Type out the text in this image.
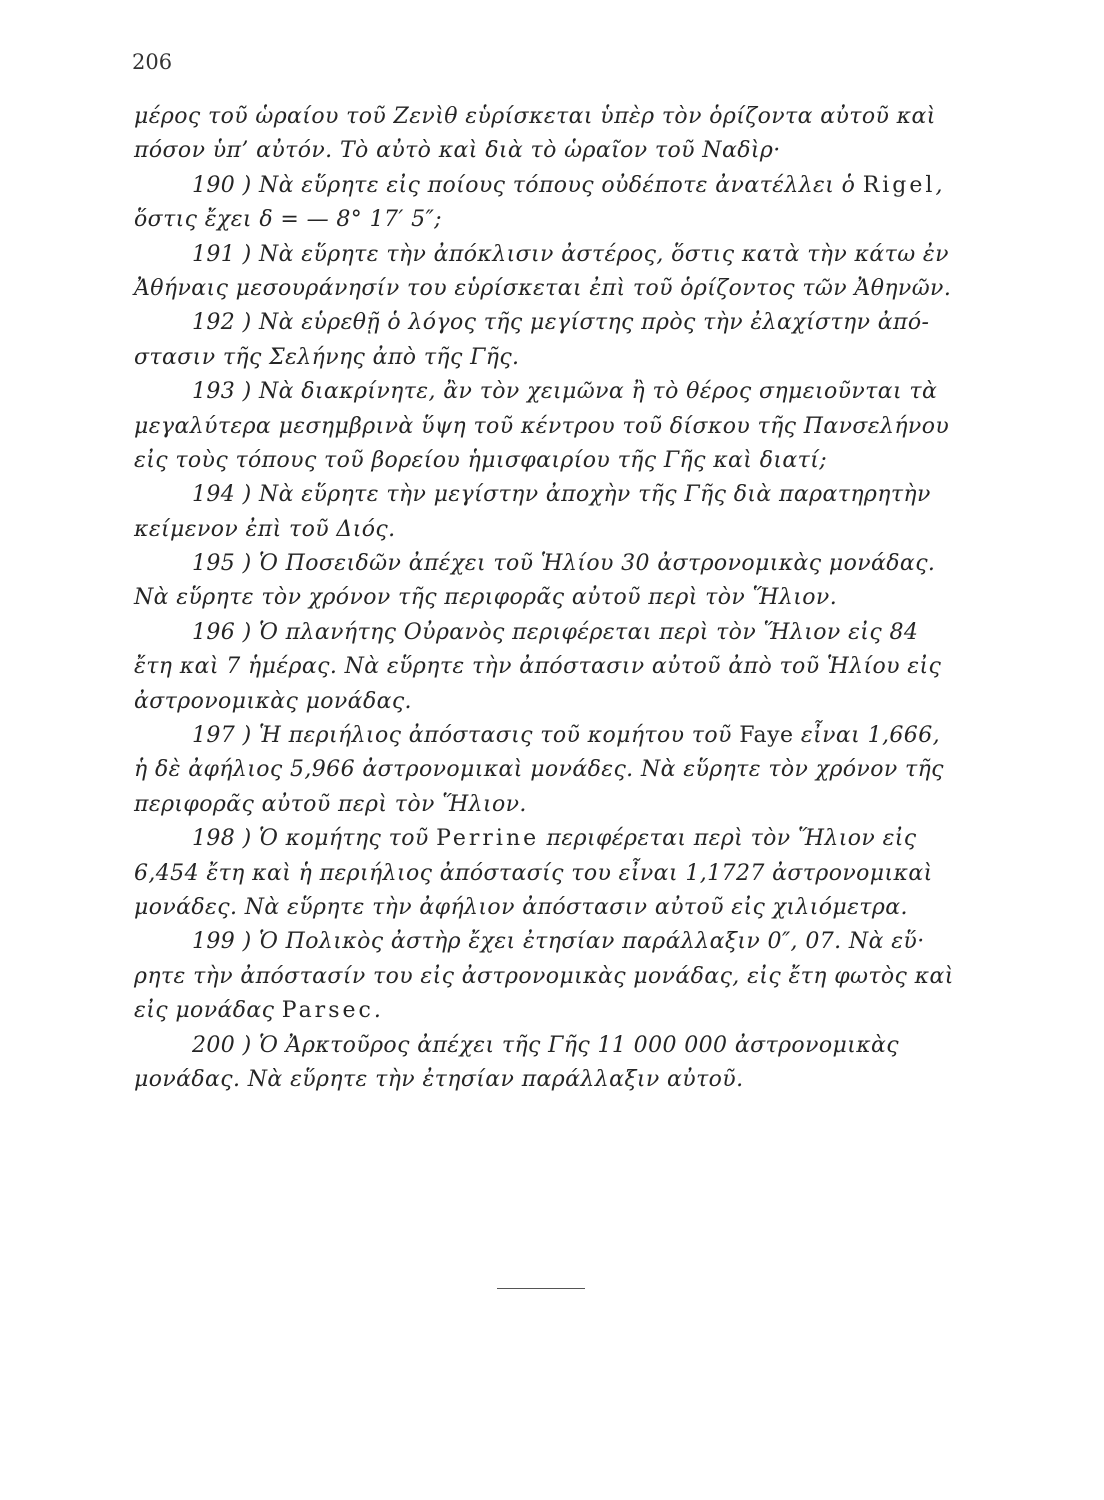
206
μέρος τοῦ ὡραίου τοῦ Ζενὶθ εὑρίσκεται ὑπὲρ τὸν ὁρίζοντα αὐτοῦ καὶ
πόσον ὑπ’ αὐτόν. Τὸ αὐτὸ καὶ διὰ τὸ ὡραῖον τοῦ Ναδὶρ·
190 ) Νὰ εὕρητε εἰς ποίους τόπους οὐδέποτε ἀνατέλλει ὁ Rigel,
ὅστις ἔχει δ = — 8° 17′ 5″;
191 ) Νὰ εὕρητε τὴν ἀπόκλισιν ἀστέρος, ὅστις κατὰ τὴν κάτω ἐν
Ἀθήναις μεσουράνησίν του εὑρίσκεται ἐπὶ τοῦ ὁρίζοντος τῶν Ἀθηνῶν.
192 ) Νὰ εὑρεθῇ ὁ λόγος τῆς μεγίστης πρὸς τὴν ἐλαχίστην ἀπό-
στασιν τῆς Σελήνης ἀπὸ τῆς Γῆς.
193 ) Νὰ διακρίνητε, ἂν τὸν χειμῶνα ἢ τὸ θέρος σημειοῦνται τὰ
μεγαλύτερα μεσημβρινὰ ὕψη τοῦ κέντρου τοῦ δίσκου τῆς Πανσελήνου
εἰς τοὺς τόπους τοῦ βορείου ἡμισφαιρίου τῆς Γῆς καὶ διατί;
194 ) Νὰ εὕρητε τὴν μεγίστην ἀποχὴν τῆς Γῆς διὰ παρατηρητὴν
κείμενον ἐπὶ τοῦ Διός.
195 ) Ὁ Ποσειδῶν ἀπέχει τοῦ Ἡλίου 30 ἀστρονομικὰς μονάδας.
Νὰ εὕρητε τὸν χρόνον τῆς περιφορᾶς αὐτοῦ περὶ τὸν Ἥλιον.
196 ) Ὁ πλανήτης Οὐρανὸς περιφέρεται περὶ τὸν Ἥλιον εἰς 84
ἔτη καὶ 7 ἡμέρας. Νὰ εὕρητε τὴν ἀπόστασιν αὐτοῦ ἀπὸ τοῦ Ἡλίου εἰς
ἀστρονομικὰς μονάδας.
197 ) Ἡ περιήλιος ἀπόστασις τοῦ κομήτου τοῦ Faye εἶναι 1,666,
ἡ δὲ ἀφήλιος 5,966 ἀστρονομικαὶ μονάδες. Νὰ εὕρητε τὸν χρόνον τῆς
περιφορᾶς αὐτοῦ περὶ τὸν Ἥλιον.
198 ) Ὁ κομήτης τοῦ Perrine περιφέρεται περὶ τὸν Ἥλιον εἰς
6,454 ἔτη καὶ ἡ περιήλιος ἀπόστασίς του εἶναι 1,1727 ἀστρονομικαὶ
μονάδες. Νὰ εὕρητε τὴν ἀφήλιον ἀπόστασιν αὐτοῦ εἰς χιλιόμετρα.
199 ) Ὁ Πολικὸς ἀστὴρ ἔχει ἐτησίαν παράλλαξιν 0″, 07. Νὰ εὕ·
ρητε τὴν ἀπόστασίν του εἰς ἀστρονομικὰς μονάδας, εἰς ἔτη φωτὸς καὶ
εἰς μονάδας Parsec.
200 ) Ὁ Ἀρκτοῦρος ἀπέχει τῆς Γῆς 11 000 000 ἀστρονομικὰς
μονάδας. Νὰ εὕρητε τὴν ἐτησίαν παράλλαξιν αὐτοῦ.
